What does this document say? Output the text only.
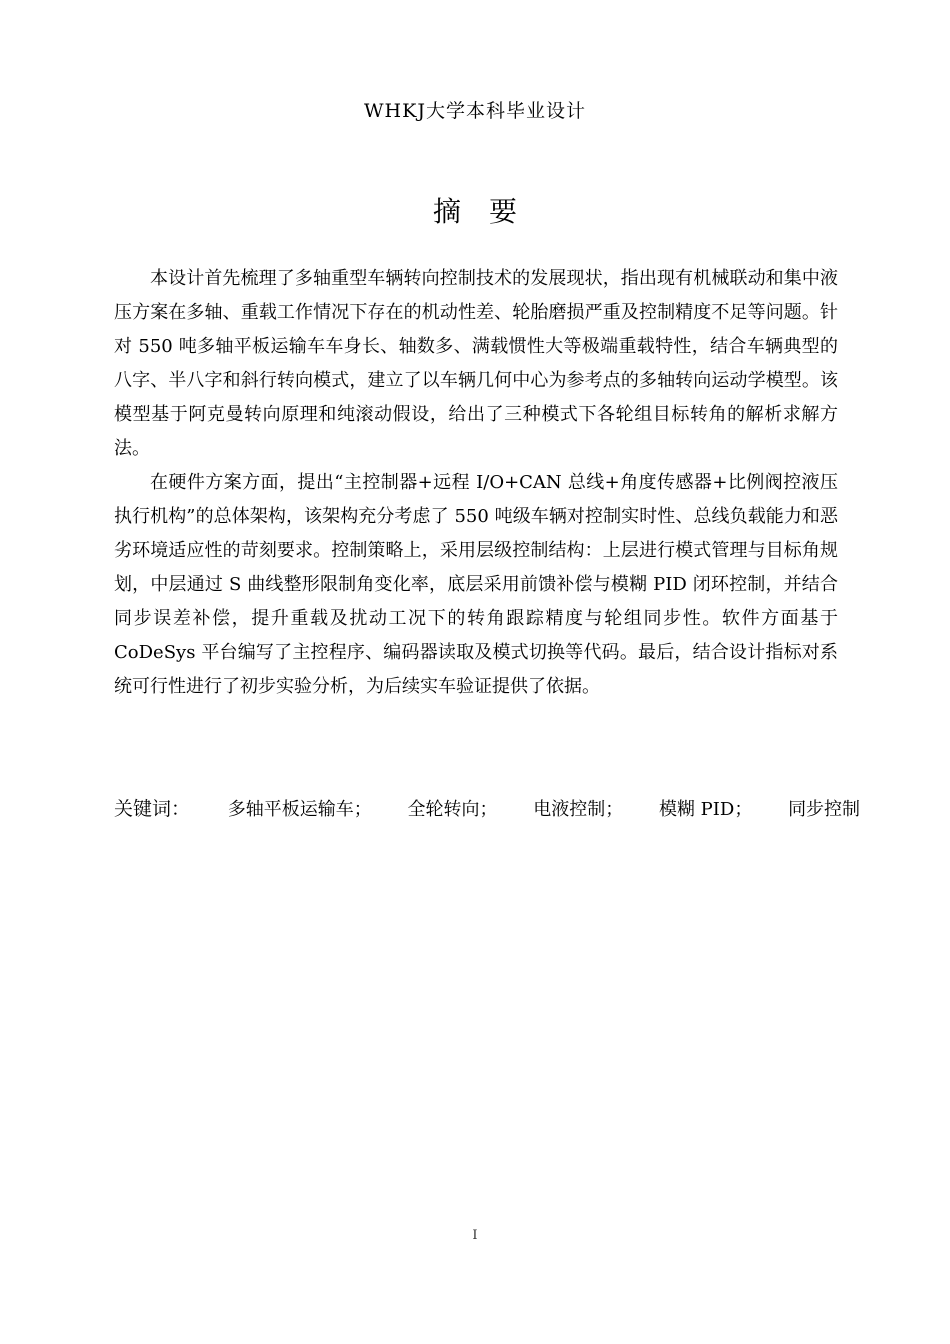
WHKJ大学本科毕业设计
摘要

本设计首先梳理了多轴重型车辆转向控制技术的发展现状，指出现有机械联动和集中液压方案在多轴、重载工作情况下存在的机动性差、轮胎磨损严重及控制精度不足等问题。针对 550 吨多轴平板运输车车身长、轴数多、满载惯性大等极端重载特性，结合车辆典型的八字、半八字和斜行转向模式，建立了以车辆几何中心为参考点的多轴转向运动学模型。该模型基于阿克曼转向原理和纯滚动假设，给出了三种模式下各轮组目标转角的解析求解方法。

在硬件方案方面，提出“主控制器+远程 I/O+CAN 总线+角度传感器+比例阀控液压执行机构”的总体架构，该架构充分考虑了 550 吨级车辆对控制实时性、总线负载能力和恶劣环境适应性的苛刻要求。控制策略上，采用层级控制结构：上层进行模式管理与目标角规划，中层通过 S 曲线整形限制角变化率，底层采用前馈补偿与模糊 PID 闭环控制，并结合同步误差补偿，提升重载及扰动工况下的转角跟踪精度与轮组同步性。软件方面基于 CoDeSys 平台编写了主控程序、编码器读取及模式切换等代码。最后，结合设计指标对系统可行性进行了初步实验分析，为后续实车验证提供了依据。

关键词： 多轴平板运输车； 全轮转向； 电液控制； 模糊 PID； 同步控制
I
